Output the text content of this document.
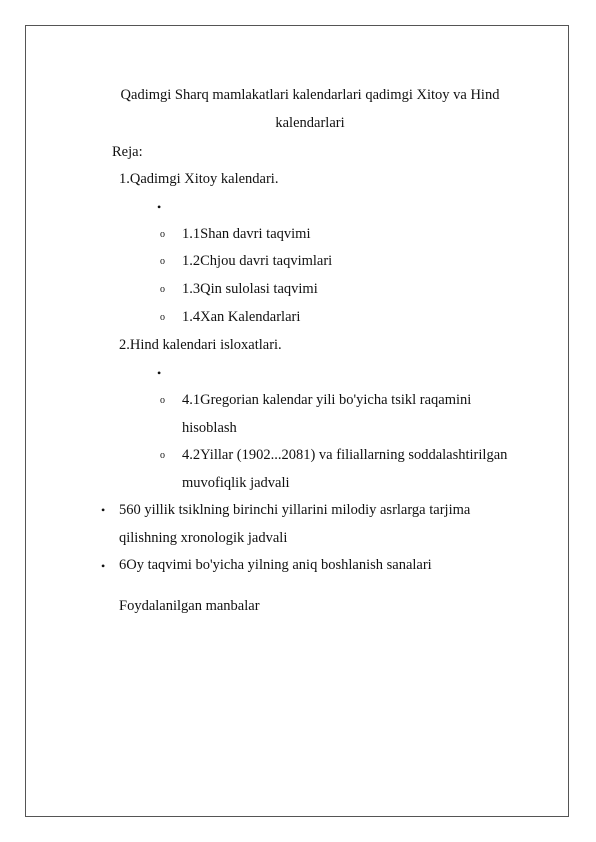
Qadimgi Sharq mamlakatlari kalendarlari qadimgi Xitoy va Hind
kalendarlari
Reja:
1.Qadimgi Xitoy kalendari.
•
o 1.1Shan davri taqvimi
o 1.2Chjou davri taqvimlari
o 1.3Qin sulolasi taqvimi
o 1.4Xan Kalendarlari
2.Hind kalendari isloxatlari.
•
o 4.1Gregorian kalendar yili bo'yicha tsikl raqamini
hisoblash
o 4.2Yillar (1902...2081) va filiallarning soddalashtirilgan
muvofiqlik jadvali
• 560 yillik tsiklning birinchi yillarini milodiy asrlarga tarjima
qilishning xronologik jadvali
• 6Oy taqvimi bo'yicha yilning aniq boshlanish sanalari
Foydalanilgan manbalar
